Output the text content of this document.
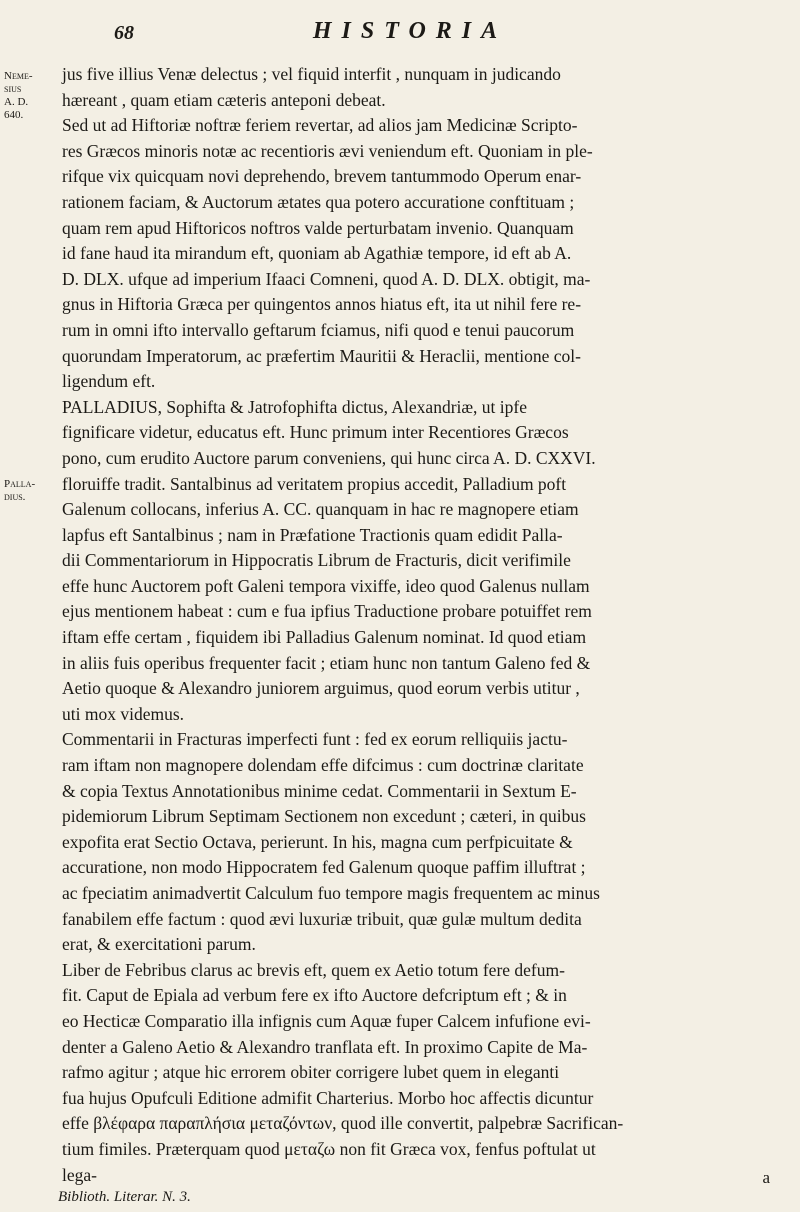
68	HISTORIA
Neme-
sius
A. D.
640.
Palla-
dius.
jus five illius Venæ delectus ; vel fiquid interfit , nunquam in judicando
hæreant , quam etiam cæteris anteponi debeat.
Sed ut ad Hiftoriæ noftræ feriem revertar, ad alios jam Medicinæ Scripto-
res Græcos minoris notæ ac recentioris ævi veniendum eft. Quoniam in ple-
rifque vix quicquam novi deprehendo, brevem tantummodo Operum enar-
rationem faciam, & Auctorum ætates qua potero accuratione conftituam ;
quam rem apud Hiftoricos noftros valde perturbatam invenio. Quanquam
id fane haud ita mirandum eft, quoniam ab Agathiæ tempore, id eft ab A.
D. DLX. ufque ad imperium Ifaaci Comneni, quod A. D. DLX. obtigit, ma-
gnus in Hiftoria Græca per quingentos annos hiatus eft, ita ut nihil fere re-
rum in omni ifto intervallo geftarum fciamus, nifi quod e tenui paucorum
quorundam Imperatorum, ac præfertim Mauritii & Heraclii, mentione col-
ligendum eft.
PALLADIUS, Sophifta & Jatrofophifta dictus, Alexandriæ, ut ipfe
fignificare videtur, educatus eft. Hunc primum inter Recentiores Græcos
pono, cum erudito Auctore parum conveniens, qui hunc circa A. D. CXXVI.
floruiffe tradit. Santalbinus ad veritatem propius accedit, Palladium poft
Galenum collocans, inferius A. CC. quanquam in hac re magnopere etiam
lapfus eft Santalbinus ; nam in Præfatione Tractionis quam edidit Palla-
dii Commentariorum in Hippocratis Librum de Fracturis, dicit verifimile
effe hunc Auctorem poft Galeni tempora vixiffe, ideo quod Galenus nullam
ejus mentionem habeat : cum e fua ipfius Traductione probare potuiffet rem
iftam effe certam , fiquidem ibi Palladius Galenum nominat. Id quod etiam
in aliis fuis operibus frequenter facit ; etiam hunc non tantum Galeno fed &
Aetio quoque & Alexandro juniorem arguimus, quod eorum verbis utitur ,
uti mox videmus.
Commentarii in Fracturas imperfecti funt : fed ex eorum relliquiis jactu-
ram iftam non magnopere dolendam effe difcimus : cum doctrinæ claritate
& copia Textus Annotationibus minime cedat. Commentarii in Sextum E-
pidemiorum Librum Septimam Sectionem non excedunt ; cæteri, in quibus
expofita erat Sectio Octava, perierunt. In his, magna cum perfpicuitate &
accuratione, non modo Hippocratem fed Galenum quoque paffim illuftrat ;
ac fpeciatim animadvertit Calculum fuo tempore magis frequentem ac minus
fanabilem effe factum : quod ævi luxuriæ tribuit, quæ gulæ multum dedita
erat, & exercitationi parum.
Liber de Febribus clarus ac brevis eft, quem ex Aetio totum fere defum-
fit. Caput de Epiala ad verbum fere ex ifto Auctore defcriptum eft ; & in
eo Hecticæ Comparatio illa infignis cum Aquæ fuper Calcem infufione evi-
denter a Galeno Aetio & Alexandro tranflata eft. In proximo Capite de Ma-
rafmo agitur ; atque hic errorem obiter corrigere lubet quem in eleganti
fua hujus Opufculi Editione admifit Charterius. Morbo hoc affectis dicuntur
effe βλέφαρα παραπλήσια μεταζόντων, quod ille convertit, palpebræ Sacrifican-
tium fimiles. Præterquam quod μεταζω non fit Græca vox, fenfus poftulat ut
lega-	a
Biblioth. Literar. N. 3.
